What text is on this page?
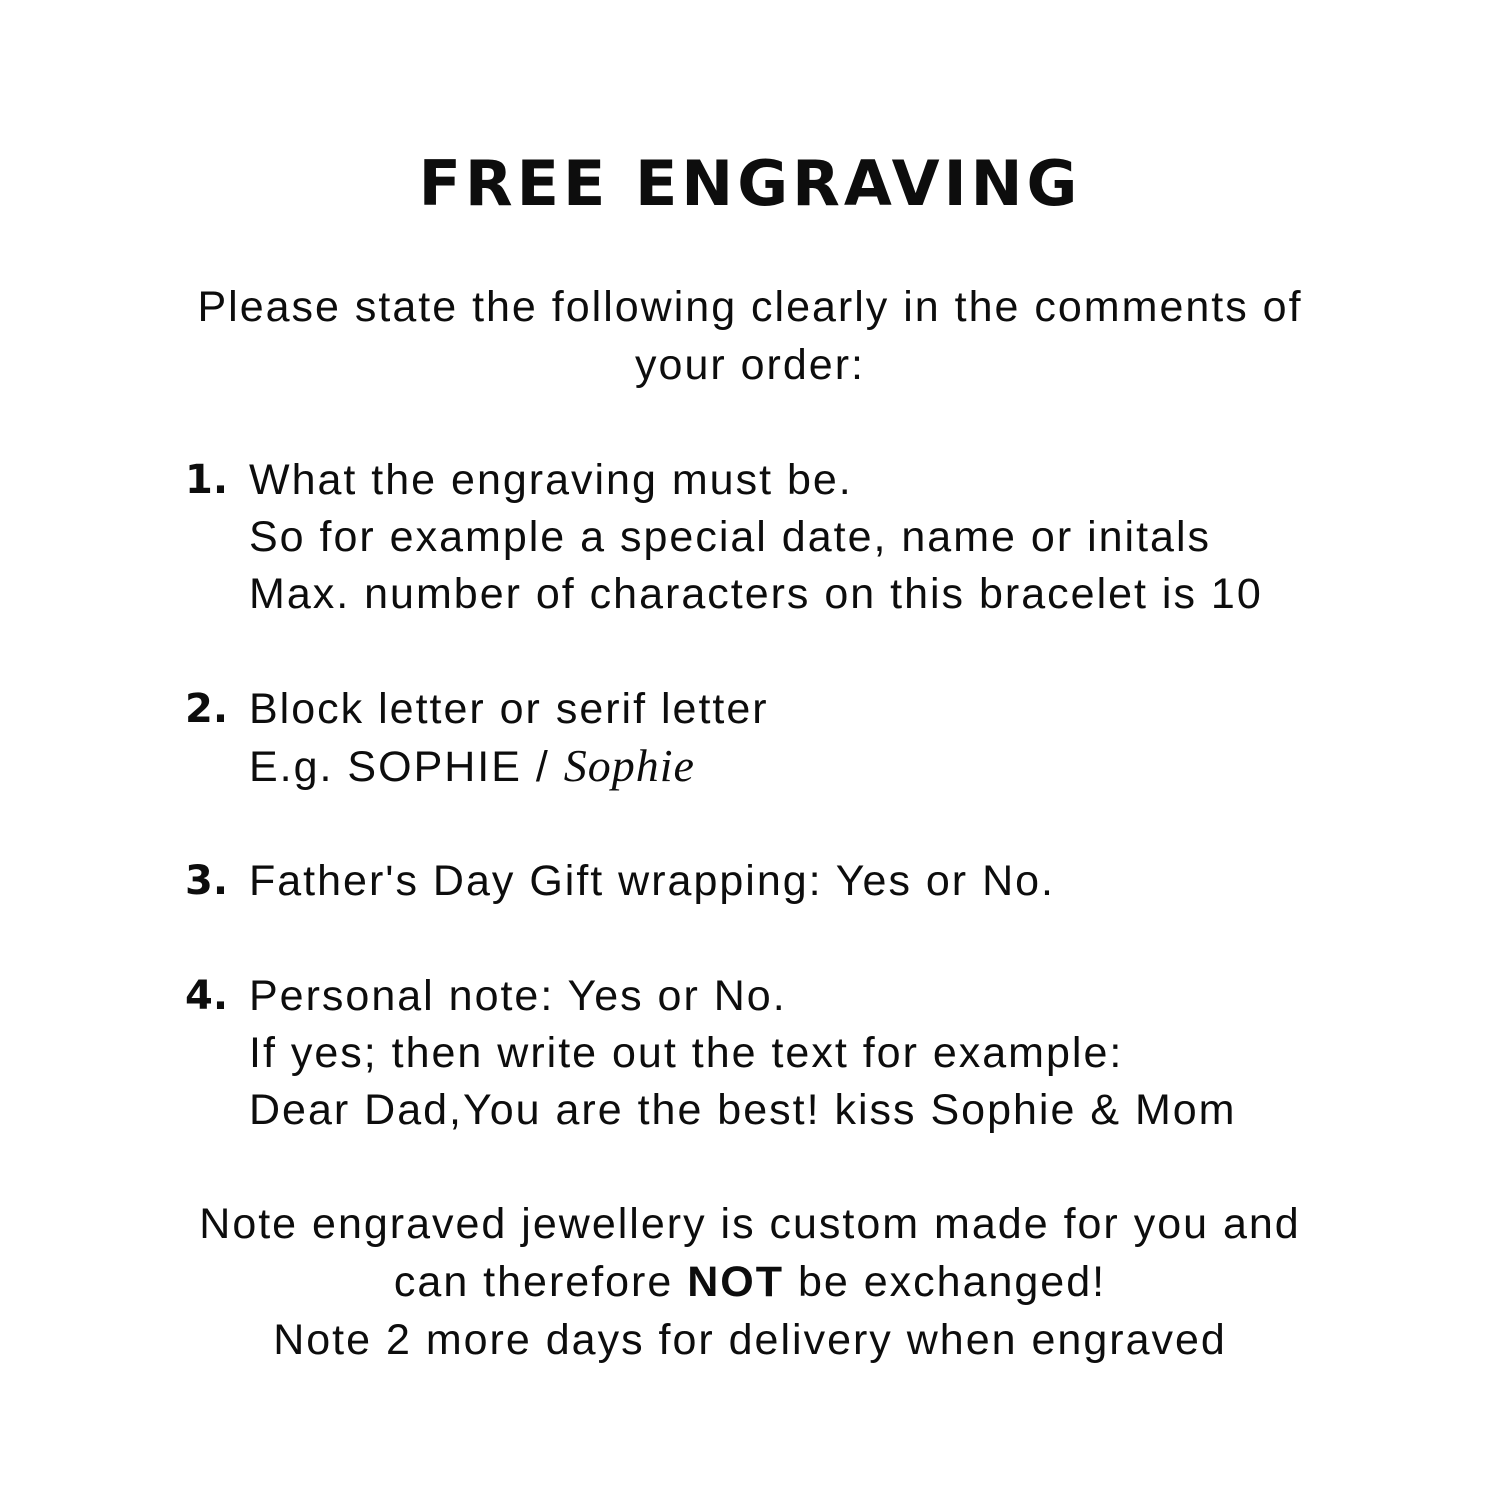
FREE ENGRAVING
Please state the following clearly in the comments of
your order:
1. What the engraving must be.
So for example a special date, name or initals
Max. number of characters on this bracelet is 10
2. Block letter or serif letter
E.g. SOPHIE / Sophie
3. Father's Day Gift wrapping: Yes or No.
4. Personal note: Yes or No.
If yes; then write out the text for example:
Dear Dad,You are the best! kiss Sophie & Mom
Note engraved jewellery is custom made for you and
can therefore NOT be exchanged!
Note 2 more days for delivery when engraved
